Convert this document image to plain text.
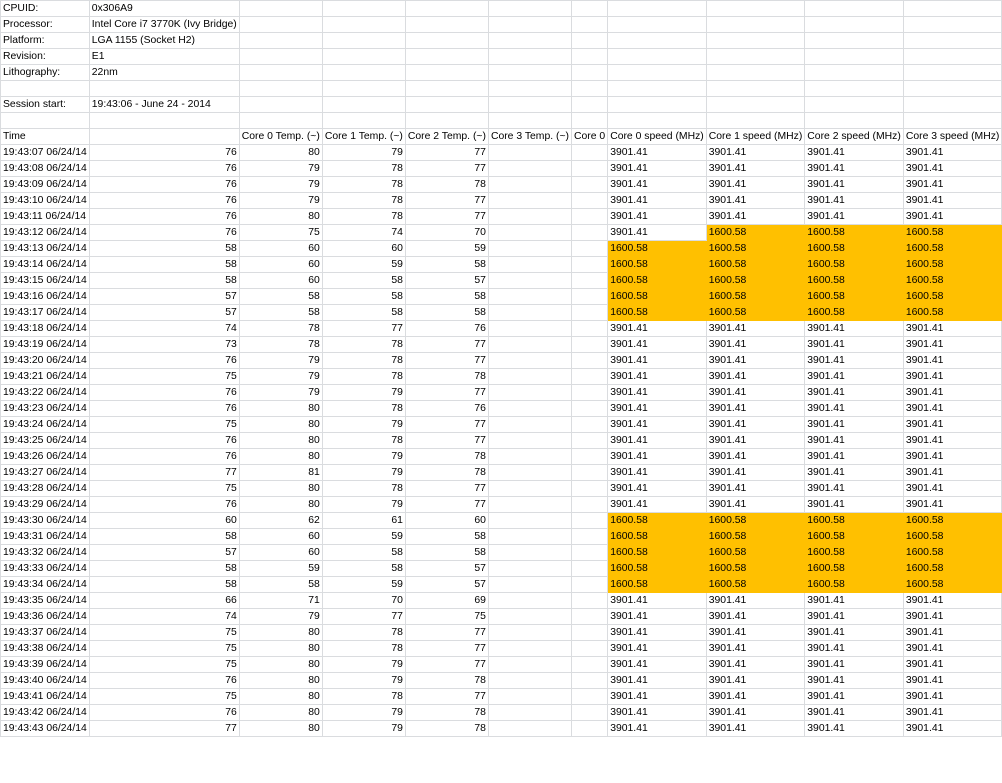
CPUID:	0x306A9									
Processor:	Intel Core i7 3770K (Ivy Bridge)									
Platform:	LGA 1155 (Socket H2)									
Revision:	E1									
Lithography:	22nm									

Session start:	19:43:06 - June 24 - 2014									

Time		Core 0 Temp. (~)	Core 1 Temp. (~)	Core 2 Temp. (~)	Core 3 Temp. (~)	Core 0	Core 0 speed (MHz)	Core 1 speed (MHz)	Core 2 speed (MHz)	Core 3 speed (MHz)
19:43:07 06/24/14	76	80	79	77			3901.41	3901.41	3901.41	3901.41
19:43:08 06/24/14	76	79	78	77			3901.41	3901.41	3901.41	3901.41
19:43:09 06/24/14	76	79	78	78			3901.41	3901.41	3901.41	3901.41
19:43:10 06/24/14	76	79	78	77			3901.41	3901.41	3901.41	3901.41
19:43:11 06/24/14	76	80	78	77			3901.41	3901.41	3901.41	3901.41
19:43:12 06/24/14	76	75	74	70			3901.41	1600.58	1600.58	1600.58
19:43:13 06/24/14	58	60	60	59			1600.58	1600.58	1600.58	1600.58
19:43:14 06/24/14	58	60	59	58			1600.58	1600.58	1600.58	1600.58
19:43:15 06/24/14	58	60	58	57			1600.58	1600.58	1600.58	1600.58
19:43:16 06/24/14	57	58	58	58			1600.58	1600.58	1600.58	1600.58
19:43:17 06/24/14	57	58	58	58			1600.58	1600.58	1600.58	1600.58
19:43:18 06/24/14	74	78	77	76			3901.41	3901.41	3901.41	3901.41
19:43:19 06/24/14	73	78	78	77			3901.41	3901.41	3901.41	3901.41
19:43:20 06/24/14	76	79	78	77			3901.41	3901.41	3901.41	3901.41
19:43:21 06/24/14	75	79	78	78			3901.41	3901.41	3901.41	3901.41
19:43:22 06/24/14	76	79	79	77			3901.41	3901.41	3901.41	3901.41
19:43:23 06/24/14	76	80	78	76			3901.41	3901.41	3901.41	3901.41
19:43:24 06/24/14	75	80	79	77			3901.41	3901.41	3901.41	3901.41
19:43:25 06/24/14	76	80	78	77			3901.41	3901.41	3901.41	3901.41
19:43:26 06/24/14	76	80	79	78			3901.41	3901.41	3901.41	3901.41
19:43:27 06/24/14	77	81	79	78			3901.41	3901.41	3901.41	3901.41
19:43:28 06/24/14	75	80	78	77			3901.41	3901.41	3901.41	3901.41
19:43:29 06/24/14	76	80	79	77			3901.41	3901.41	3901.41	3901.41
19:43:30 06/24/14	60	62	61	60			1600.58	1600.58	1600.58	1600.58
19:43:31 06/24/14	58	60	59	58			1600.58	1600.58	1600.58	1600.58
19:43:32 06/24/14	57	60	58	58			1600.58	1600.58	1600.58	1600.58
19:43:33 06/24/14	58	59	58	57			1600.58	1600.58	1600.58	1600.58
19:43:34 06/24/14	58	58	59	57			1600.58	1600.58	1600.58	1600.58
19:43:35 06/24/14	66	71	70	69			3901.41	3901.41	3901.41	3901.41
19:43:36 06/24/14	74	79	77	75			3901.41	3901.41	3901.41	3901.41
19:43:37 06/24/14	75	80	78	77			3901.41	3901.41	3901.41	3901.41
19:43:38 06/24/14	75	80	78	77			3901.41	3901.41	3901.41	3901.41
19:43:39 06/24/14	75	80	79	77			3901.41	3901.41	3901.41	3901.41
19:43:40 06/24/14	76	80	79	78			3901.41	3901.41	3901.41	3901.41
19:43:41 06/24/14	75	80	78	77			3901.41	3901.41	3901.41	3901.41
19:43:42 06/24/14	76	80	79	78			3901.41	3901.41	3901.41	3901.41
19:43:43 06/24/14	77	80	79	78			3901.41	3901.41	3901.41	3901.41
